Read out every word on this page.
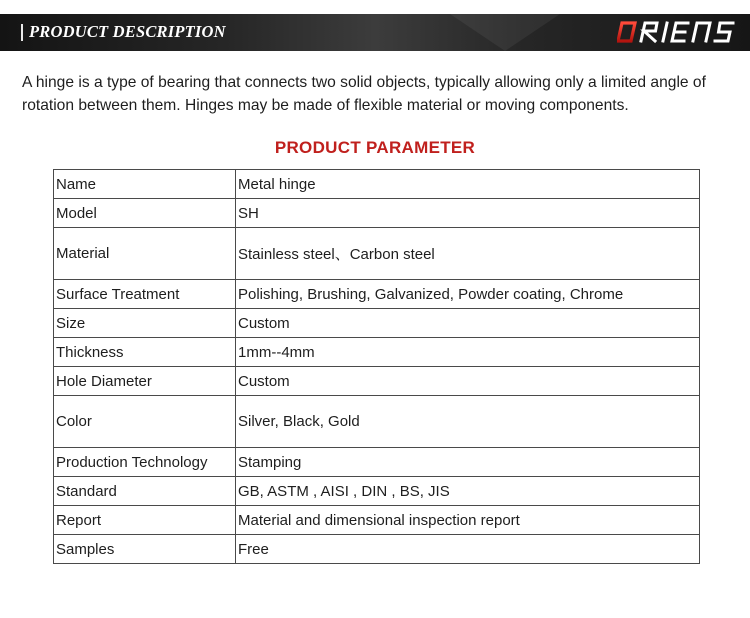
PRODUCT DESCRIPTION

A hinge is a type of bearing that connects two solid objects, typically allowing only a limited angle of rotation between them. Hinges may be made of flexible material or moving components.

PRODUCT PARAMETER
Name	Metal hinge
Model	SH
Material	Stainless steel、Carbon steel
Surface Treatment	Polishing, Brushing, Galvanized, Powder coating, Chrome
Size	Custom
Thickness	1mm--4mm
Hole Diameter	Custom
Color	Silver, Black, Gold
Production Technology	Stamping
Standard	GB, ASTM , AISI , DIN , BS, JIS
Report	Material and dimensional inspection report
Samples	Free
